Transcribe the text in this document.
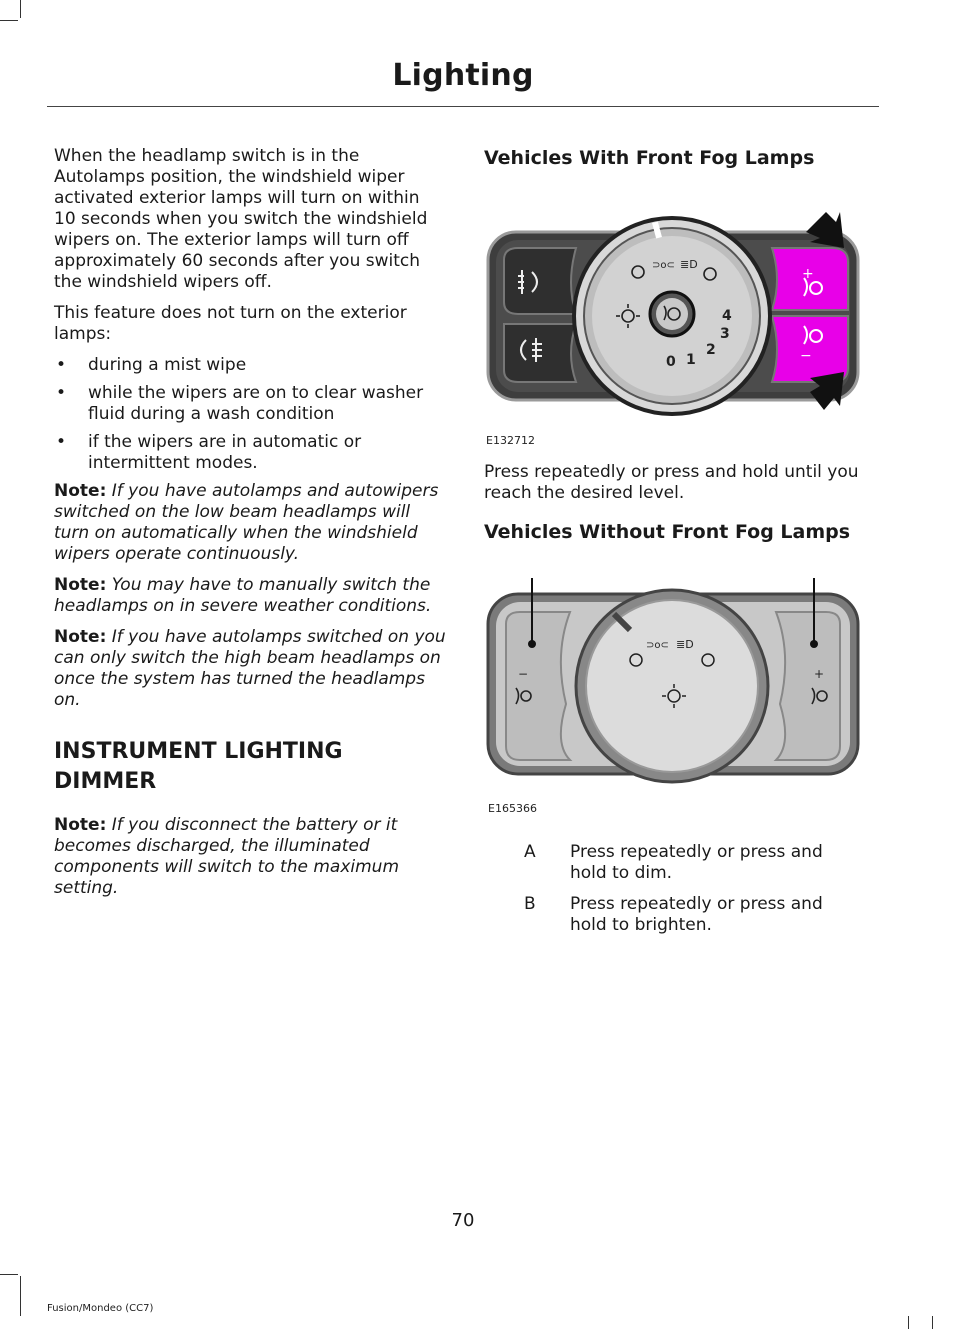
Lighting

When the headlamp switch is in the Autolamps position, the windshield wiper activated exterior lamps will turn on within 10 seconds when you switch the windshield wipers on. The exterior lamps will turn off approximately 60 seconds after you switch the windshield wipers off.

This feature does not turn on the exterior lamps:

• during a mist wipe
• while the wipers are on to clear washer fluid during a wash condition
• if the wipers are in automatic or intermittent modes.
Note: If you have autolamps and autowipers switched on the low beam headlamps will turn on automatically when the windshield wipers operate continuously.
Note: You may have to manually switch the headlamps on in severe weather conditions.
Note: If you have autolamps switched on you can only switch the high beam headlamps on once the system has turned the headlamps on.
INSTRUMENT LIGHTING DIMMER
Note: If you disconnect the battery or it becomes discharged, the illuminated components will switch to the maximum setting.
Vehicles With Front Fog Lamps
+
−
⊃o⊂ ≣D
0 1
2
3
4
E132712

Press repeatedly or press and hold until you reach the desired level.

Vehicles Without Front Fog Lamps
−	+
⊃o⊂ ≣D
E165366
A	Press repeatedly or press and hold to dim.
B	Press repeatedly or press and hold to brighten.
70
Fusion/Mondeo (CC7)
